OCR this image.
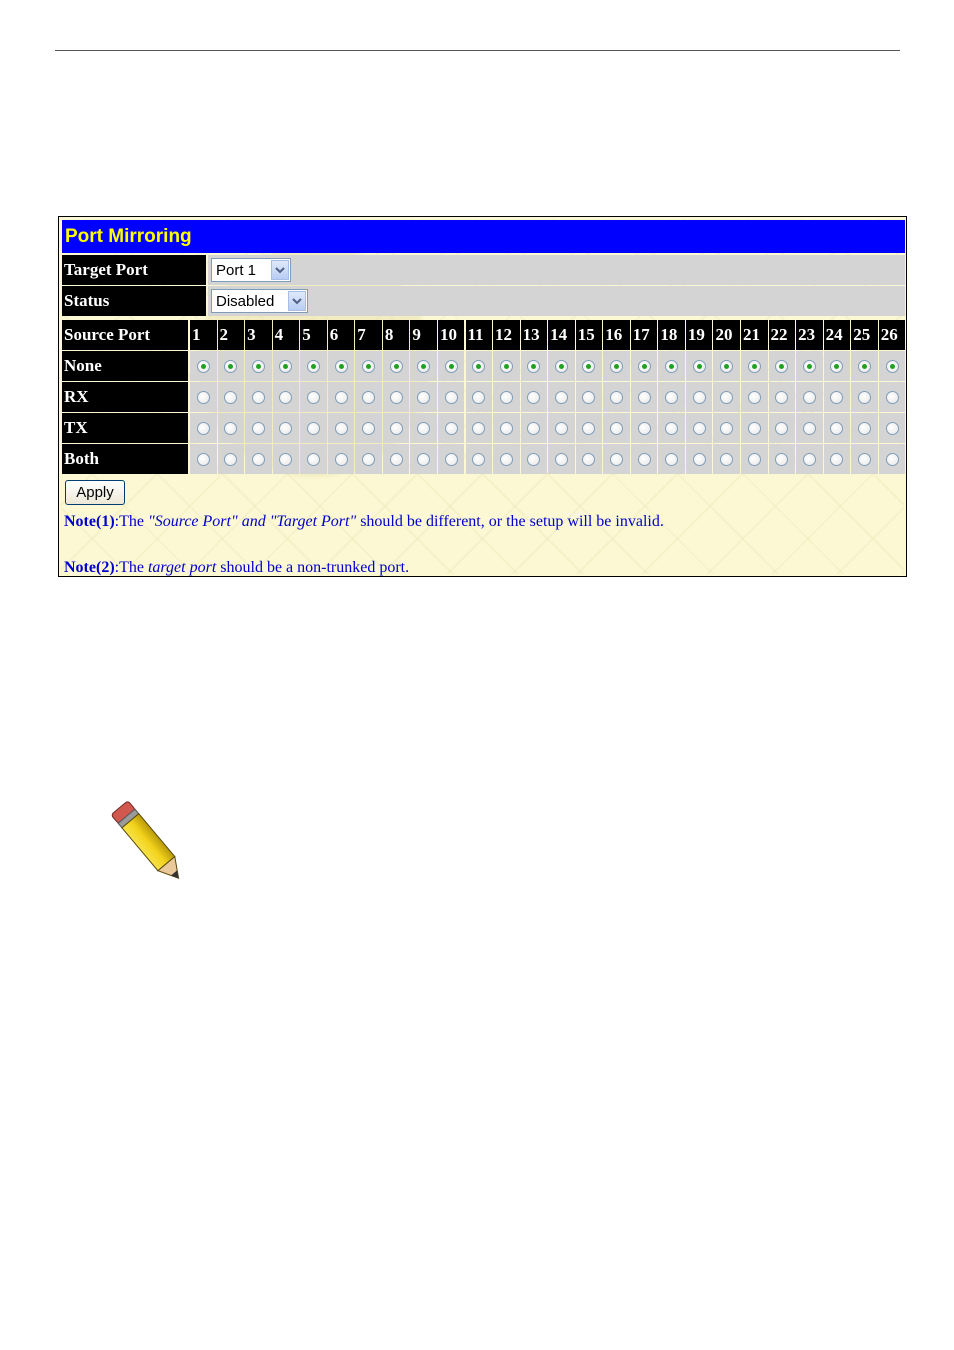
Port Mirroring
Target Port	Port 1
Status	Disabled
Source Port	1	2	3	4	5	6	7	8	9	10 11 12 13 14 15 16 17 18 19 20 21 22 23 24 25 26
None
RX
TX
Both
Apply
Note(1):The "Source Port" and "Target Port" should be different, or the setup will be invalid.
Note(2):The target port should be a non-trunked port.
